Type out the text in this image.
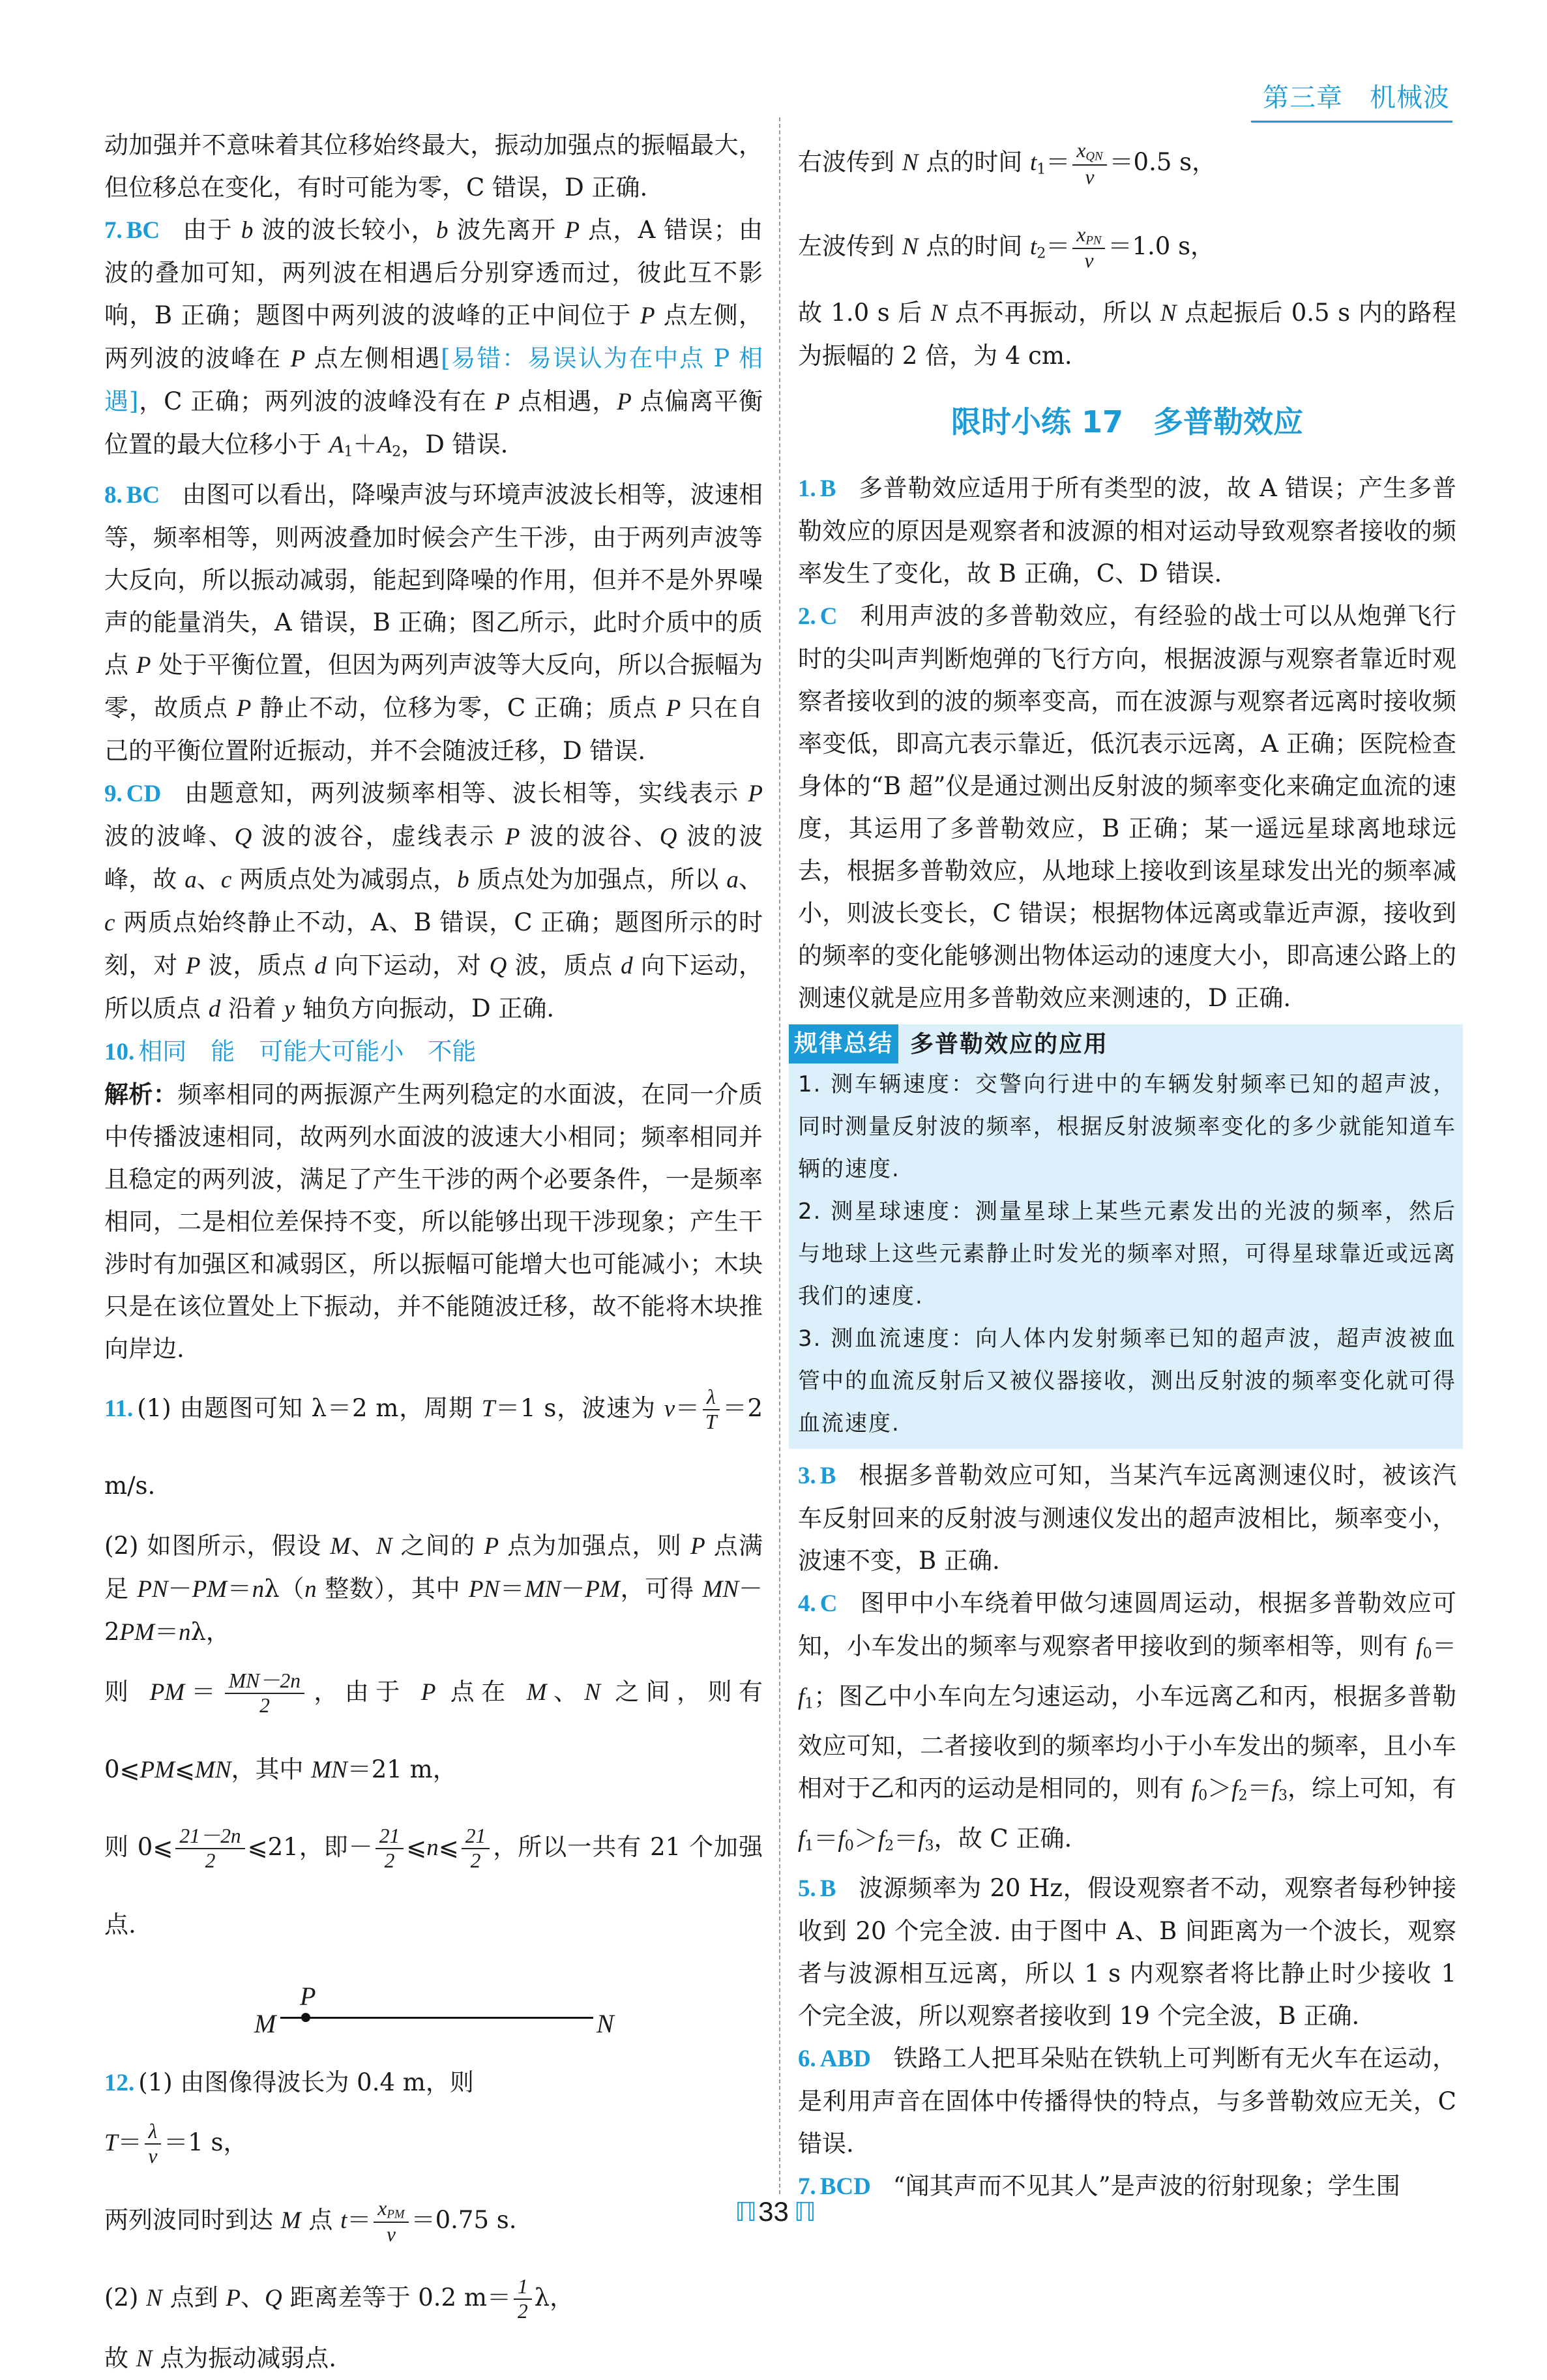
第三章　机械波

动加强并不意味着其位移始终最大，振动加强点的振幅最大，但位移总在变化，有时可能为零，C 错误，D 正确.

7. BC 由于 b 波的波长较小，b 波先离开 P 点，A 错误；由波的叠加可知，两列波在相遇后分别穿透而过，彼此互不影响，B 正确；题图中两列波的波峰的正中间位于 P 点左侧，两列波的波峰在 P 点左侧相遇[易错：易误认为在中点 P 相遇]，C 正确；两列波的波峰没有在 P 点相遇，P 点偏离平衡位置的最大位移小于 $A_1+A_2$，D 错误.

8. BC 由图可以看出，降噪声波与环境声波波长相等，波速相等，频率相等，则两波叠加时候会产生干涉，由于两列声波等大反向，所以振动减弱，能起到降噪的作用，但并不是外界噪声的能量消失，A 错误，B 正确；图乙所示，此时介质中的质点 P 处于平衡位置，但因为两列声波等大反向，所以合振幅为零，故质点 P 静止不动，位移为零，C 正确；质点 P 只在自己的平衡位置附近振动，并不会随波迁移，D 错误.

9. CD 由题意知，两列波频率相等、波长相等，实线表示 P 波的波峰、Q 波的波谷，虚线表示 P 波的波谷、Q 波的波峰，故 a、c 两质点处为减弱点，b 质点处为加强点，所以 a、c 两质点始终静止不动，A、B 错误，C 正确；题图所示的时刻，对 P 波，质点 d 向下运动，对 Q 波，质点 d 向下运动，所以质点 d 沿着 y 轴负方向振动，D 正确.

10. 相同　能　可能大可能小　不能

解析：频率相同的两振源产生两列稳定的水面波，在同一介质中传播波速相同，故两列水面波的波速大小相同；频率相同并且稳定的两列波，满足了产生干涉的两个必要条件，一是频率相同，二是相位差保持不变，所以能够出现干涉现象；产生干涉时有加强区和减弱区，所以振幅可能增大也可能减小；木块只是在该位置处上下振动，并不能随波迁移，故不能将木块推向岸边.

11. (1) 由题图可知 λ＝2 m，周期 T＝1 s，波速为 $v= \frac{\lambda}{T} =2$ m/s.

(2) 如图所示，假设 M、N 之间的 P 点为加强点，则 P 点满足 PN－PM＝nλ（n 整数），其中 PN＝MN－PM，可得 MN－2PM＝nλ，

则 $PM= \frac{MN-2n}{2}$ ，由于 P 点在 M、N 之间，则有 0⩽PM⩽MN，其中 MN＝21 m，

则 0⩽ $\frac{21-2n}{2}$ ⩽21，即－ $\frac{21}{2}$ ⩽n⩽ $\frac{21}{2}$ ，所以一共有 21 个加强点.

M
P
N

12. (1) 由图像得波长为 0.4 m，则

$T= \frac{\lambda}{v} =1$ s，

两列波同时到达 M 点 $t= \frac{x_{PM}}{v} =0.75$ s.

(2) N 点到 P、Q 距离差等于 0.2 $m= \frac{1}{2}$ λ，

故 N 点为振动减弱点.

右波传到 N 点的时间 $t_1= \frac{x_{QN}}{v} =0.5$ s，

左波传到 N 点的时间 $t_2= \frac{x_{PN}}{v} =1.0$ s，

故 1.0 s 后 N 点不再振动，所以 N 点起振后 0.5 s 内的路程为振幅的 2 倍，为 4 cm.

限时小练 17　多普勒效应

1. B 多普勒效应适用于所有类型的波，故 A 错误；产生多普勒效应的原因是观察者和波源的相对运动导致观察者接收的频率发生了变化，故 B 正确，C、D 错误.

2. C 利用声波的多普勒效应，有经验的战士可以从炮弹飞行时的尖叫声判断炮弹的飞行方向，根据波源与观察者靠近时观察者接收到的波的频率变高，而在波源与观察者远离时接收频率变低，即高亢表示靠近，低沉表示远离，A 正确；医院检查身体的“B 超”仪是通过测出反射波的频率变化来确定血流的速度，其运用了多普勒效应，B 正确；某一遥远星球离地球远去，根据多普勒效应，从地球上接收到该星球发出光的频率减小，则波长变长，C 错误；根据物体远离或靠近声源，接收到的频率的变化能够测出物体运动的速度大小，即高速公路上的测速仪就是应用多普勒效应来测速的，D 正确.

规律总结 多普勒效应的应用
1. 测车辆速度：交警向行进中的车辆发射频率已知的超声波，同时测量反射波的频率，根据反射波频率变化的多少就能知道车辆的速度.
2. 测星球速度：测量星球上某些元素发出的光波的频率，然后与地球上这些元素静止时发光的频率对照，可得星球靠近或远离我们的速度.
3. 测血流速度：向人体内发射频率已知的超声波，超声波被血管中的血流反射后又被仪器接收，测出反射波的频率变化就可得血流速度.

3. B 根据多普勒效应可知，当某汽车远离测速仪时，被该汽车反射回来的反射波与测速仪发出的超声波相比，频率变小，波速不变，B 正确.

4. C 图甲中小车绕着甲做匀速圆周运动，根据多普勒效应可知，小车发出的频率与观察者甲接收到的频率相等，则有 $f_0=f_1$；图乙中小车向左匀速运动，小车远离乙和丙，根据多普勒效应可知，二者接收到的频率均小于小车发出的频率，且小车相对于乙和丙的运动是相同的，则有 $f_0>f_2=f_3$，综上可知，有 $f_1=f_0>f_2=f_3$，故 C 正确.

5. B 波源频率为 20 Hz，假设观察者不动，观察者每秒钟接收到 20 个完全波. 由于图中 A、B 间距离为一个波长，观察者与波源相互远离，所以 1 s 内观察者将比静止时少接收 1 个完全波，所以观察者接收到 19 个完全波，B 正确.

6. ABD 铁路工人把耳朵贴在铁轨上可判断有无火车在运动，是利用声音在固体中传播得快的特点，与多普勒效应无关，C 错误.

7. BCD “闻其声而不见其人”是声波的衍射现象；学生围

ℿ 33 ℿ
